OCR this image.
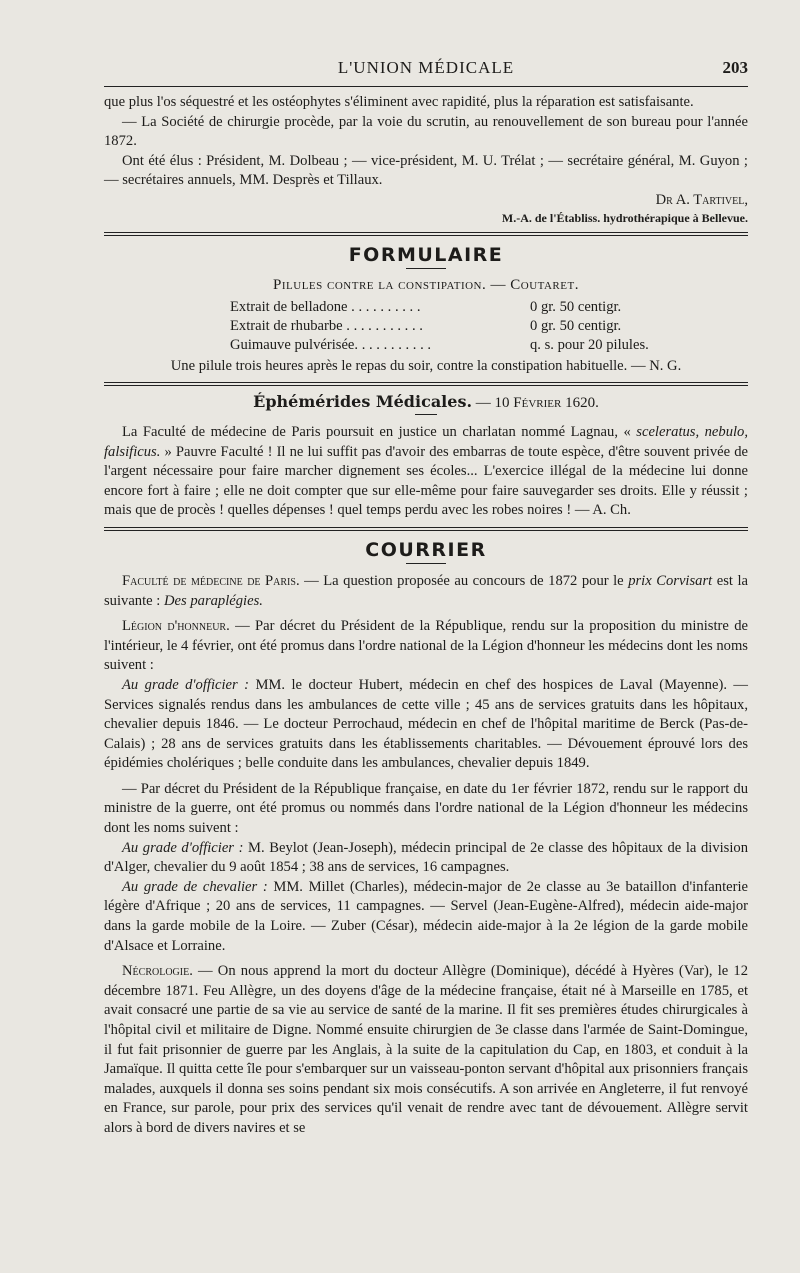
L'UNION MÉDICALE	203

que plus l'os séquestré et les ostéophytes s'éliminent avec rapidité, plus la réparation est satisfaisante.

— La Société de chirurgie procède, par la voie du scrutin, au renouvellement de son bureau pour l'année 1872.

Ont été élus : Président, M. Dolbeau ; — vice-président, M. U. Trélat ; — secrétaire général, M. Guyon ; — secrétaires annuels, MM. Desprès et Tillaux.

Dr A. Tartivel,
M.-A. de l'Établiss. hydrothérapique à Bellevue.
FORMULAIRE
Pilules contre la constipation. — Coutaret.
Extrait de belladone . . . . . . . . . .	0 gr. 50 centigr.
Extrait de rhubarbe . . . . . . . . . . .	0 gr. 50 centigr.
Guimauve pulvérisée. . . . . . . . . . .	q. s. pour 20 pilules.
Une pilule trois heures après le repas du soir, contre la constipation habituelle. — N. G.
Éphémérides Médicales. — 10 Février 1620.

La Faculté de médecine de Paris poursuit en justice un charlatan nommé Lagnau, « sceleratus, nebulo, falsificus. » Pauvre Faculté ! Il ne lui suffit pas d'avoir des embarras de toute espèce, d'être souvent privée de l'argent nécessaire pour faire marcher dignement ses écoles... L'exercice illégal de la médecine lui donne encore fort à faire ; elle ne doit compter que sur elle-même pour faire sauvegarder ses droits. Elle y réussit ; mais que de procès ! quelles dépenses ! quel temps perdu avec les robes noires ! — A. Ch.

COURRIER

Faculté de médecine de Paris. — La question proposée au concours de 1872 pour le prix Corvisart est la suivante : Des paraplégies.

Légion d'honneur. — Par décret du Président de la République, rendu sur la proposition du ministre de l'intérieur, le 4 février, ont été promus dans l'ordre national de la Légion d'honneur les médecins dont les noms suivent :

Au grade d'officier : MM. le docteur Hubert, médecin en chef des hospices de Laval (Mayenne). — Services signalés rendus dans les ambulances de cette ville ; 45 ans de services gratuits dans les hôpitaux, chevalier depuis 1846. — Le docteur Perrochaud, médecin en chef de l'hôpital maritime de Berck (Pas-de-Calais) ; 28 ans de services gratuits dans les établissements charitables. — Dévouement éprouvé lors des épidémies cholériques ; belle conduite dans les ambulances, chevalier depuis 1849.

— Par décret du Président de la République française, en date du 1er février 1872, rendu sur le rapport du ministre de la guerre, ont été promus ou nommés dans l'ordre national de la Légion d'honneur les médecins dont les noms suivent :

Au grade d'officier : M. Beylot (Jean-Joseph), médecin principal de 2e classe des hôpitaux de la division d'Alger, chevalier du 9 août 1854 ; 38 ans de services, 16 campagnes.

Au grade de chevalier : MM. Millet (Charles), médecin-major de 2e classe au 3e bataillon d'infanterie légère d'Afrique ; 20 ans de services, 11 campagnes. — Servel (Jean-Eugène-Alfred), médecin aide-major dans la garde mobile de la Loire. — Zuber (César), médecin aide-major à la 2e légion de la garde mobile d'Alsace et Lorraine.

Nécrologie. — On nous apprend la mort du docteur Allègre (Dominique), décédé à Hyères (Var), le 12 décembre 1871. Feu Allègre, un des doyens d'âge de la médecine française, était né à Marseille en 1785, et avait consacré une partie de sa vie au service de santé de la marine. Il fit ses premières études chirurgicales à l'hôpital civil et militaire de Digne. Nommé ensuite chirurgien de 3e classe dans l'armée de Saint-Domingue, il fut fait prisonnier de guerre par les Anglais, à la suite de la capitulation du Cap, en 1803, et conduit à la Jamaïque. Il quitta cette île pour s'embarquer sur un vaisseau-ponton servant d'hôpital aux prisonniers français malades, auxquels il donna ses soins pendant six mois consécutifs. A son arrivée en Angleterre, il fut renvoyé en France, sur parole, pour prix des services qu'il venait de rendre avec tant de dévouement. Allègre servit alors à bord de divers navires et se
